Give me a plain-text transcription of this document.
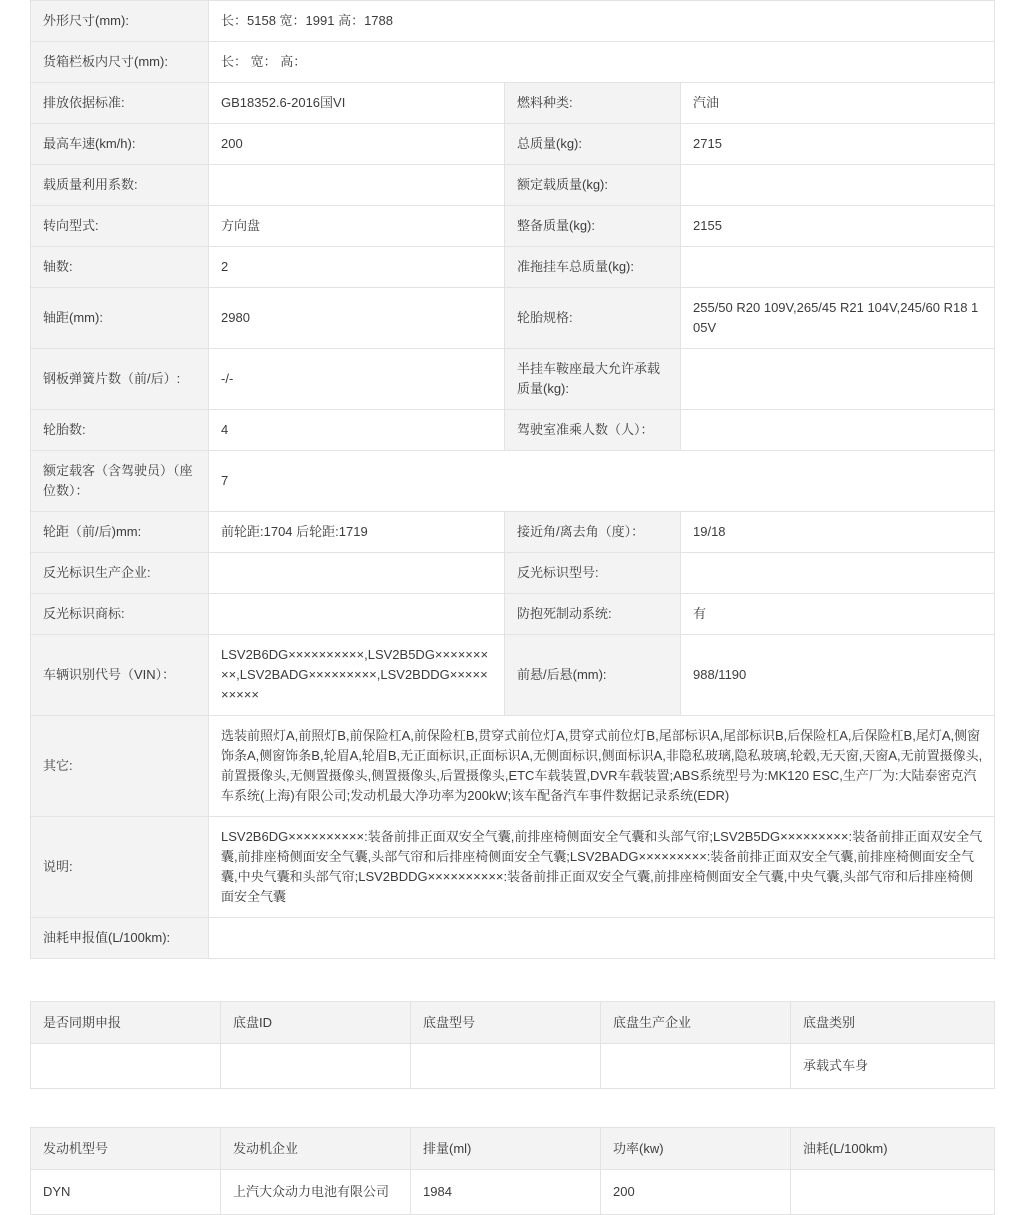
外形尺寸(mm):	长：5158 宽：1991 高：1788		
货箱栏板内尺寸(mm):	长： 宽： 高：		
排放依据标准:	GB18352.6-2016国VI	燃料种类:	汽油
最高车速(km/h):	200	总质量(kg):	2715
载质量利用系数:		额定载质量(kg):	
转向型式:	方向盘	整备质量(kg):	2155
轴数:	2	准拖挂车总质量(kg):	
轴距(mm):	2980	轮胎规格:	255/50 R20 109V,265/45 R21 104V,245/60 R18 105V
钢板弹簧片数（前/后）:	-/-	半挂车鞍座最大允许承载质量(kg):	
轮胎数:	4	驾驶室准乘人数（人）：	
额定载客（含驾驶员）（座位数）：	7		
轮距（前/后)mm:	前轮距:1704 后轮距:1719	接近角/离去角（度）：	19/18
反光标识生产企业:		反光标识型号:	
反光标识商标:		防抱死制动系统:	有
车辆识别代号（VIN）：	LSV2B6DG××××××××××,LSV2B5DG×××××××××,LSV2BADG×××××××××,LSV2BDDG××××××××××	前悬/后悬(mm):	988/1190
其它:	选装前照灯A,前照灯B,前保险杠A,前保险杠B,贯穿式前位灯A,贯穿式前位灯B,尾部标识A,尾部标识B,后保险杠A,后保险杠B,尾灯A,侧窗饰条A,侧窗饰条B,轮眉A,轮眉B,无正面标识,正面标识A,无侧面标识,侧面标识A,非隐私玻璃,隐私玻璃,轮毂,无天窗,天窗A,无前置摄像头,前置摄像头,无侧置摄像头,侧置摄像头,后置摄像头,ETC车载装置,DVR车载装置;ABS系统型号为:MK120 ESC,生产厂为:大陆泰密克汽车系统(上海)有限公司;发动机最大净功率为200kW;该车配备汽车事件数据记录系统(EDR)		
说明:	LSV2B6DG××××××××××:装备前排正面双安全气囊,前排座椅侧面安全气囊和头部气帘;LSV2B5DG×××××××××:装备前排正面双安全气囊,前排座椅侧面安全气囊,头部气帘和后排座椅侧面安全气囊;LSV2BADG×××××××××:装备前排正面双安全气囊,前排座椅侧面安全气囊,中央气囊和头部气帘;LSV2BDDG××××××××××:装备前排正面双安全气囊,前排座椅侧面安全气囊,中央气囊,头部气帘和后排座椅侧面安全气囊		
油耗申报值(L/100km):			
是否同期申报	底盘ID	底盘型号	底盘生产企业	底盘类别
				承载式车身
发动机型号	发动机企业	排量(ml)	功率(kw)	油耗(L/100km)
DYN	上汽大众动力电池有限公司	1984	200	
